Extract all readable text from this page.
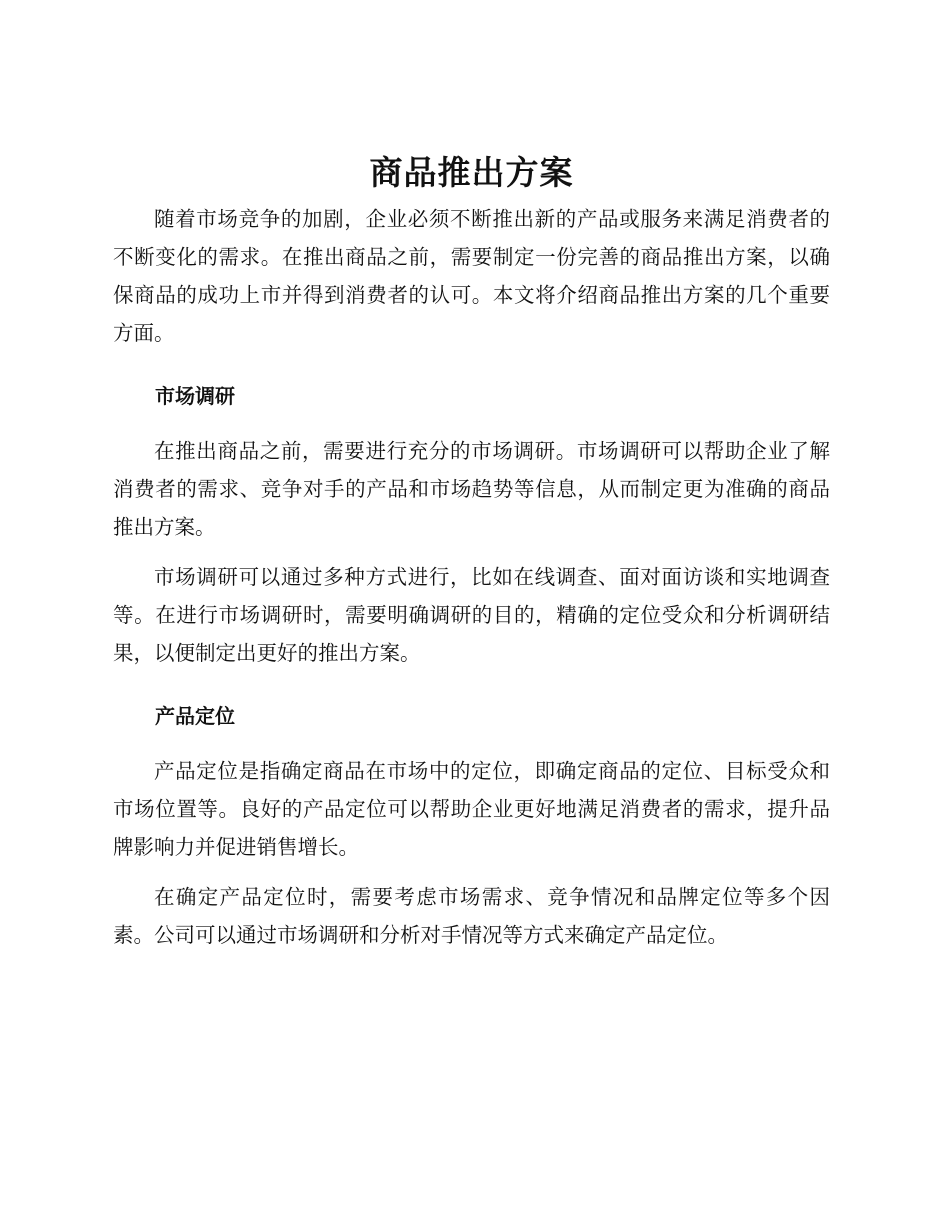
商品推出方案

随着市场竞争的加剧，企业必须不断推出新的产品或服务来满足消费者的不断变化的需求。在推出商品之前，需要制定一份完善的商品推出方案，以确保商品的成功上市并得到消费者的认可。本文将介绍商品推出方案的几个重要方面。

市场调研

在推出商品之前，需要进行充分的市场调研。市场调研可以帮助企业了解消费者的需求、竞争对手的产品和市场趋势等信息，从而制定更为准确的商品推出方案。

市场调研可以通过多种方式进行，比如在线调查、面对面访谈和实地调查等。在进行市场调研时，需要明确调研的目的，精确的定位受众和分析调研结果，以便制定出更好的推出方案。

产品定位

产品定位是指确定商品在市场中的定位，即确定商品的定位、目标受众和市场位置等。良好的产品定位可以帮助企业更好地满足消费者的需求，提升品牌影响力并促进销售增长。

在确定产品定位时，需要考虑市场需求、竞争情况和品牌定位等多个因素。公司可以通过市场调研和分析对手情况等方式来确定产品定位。
